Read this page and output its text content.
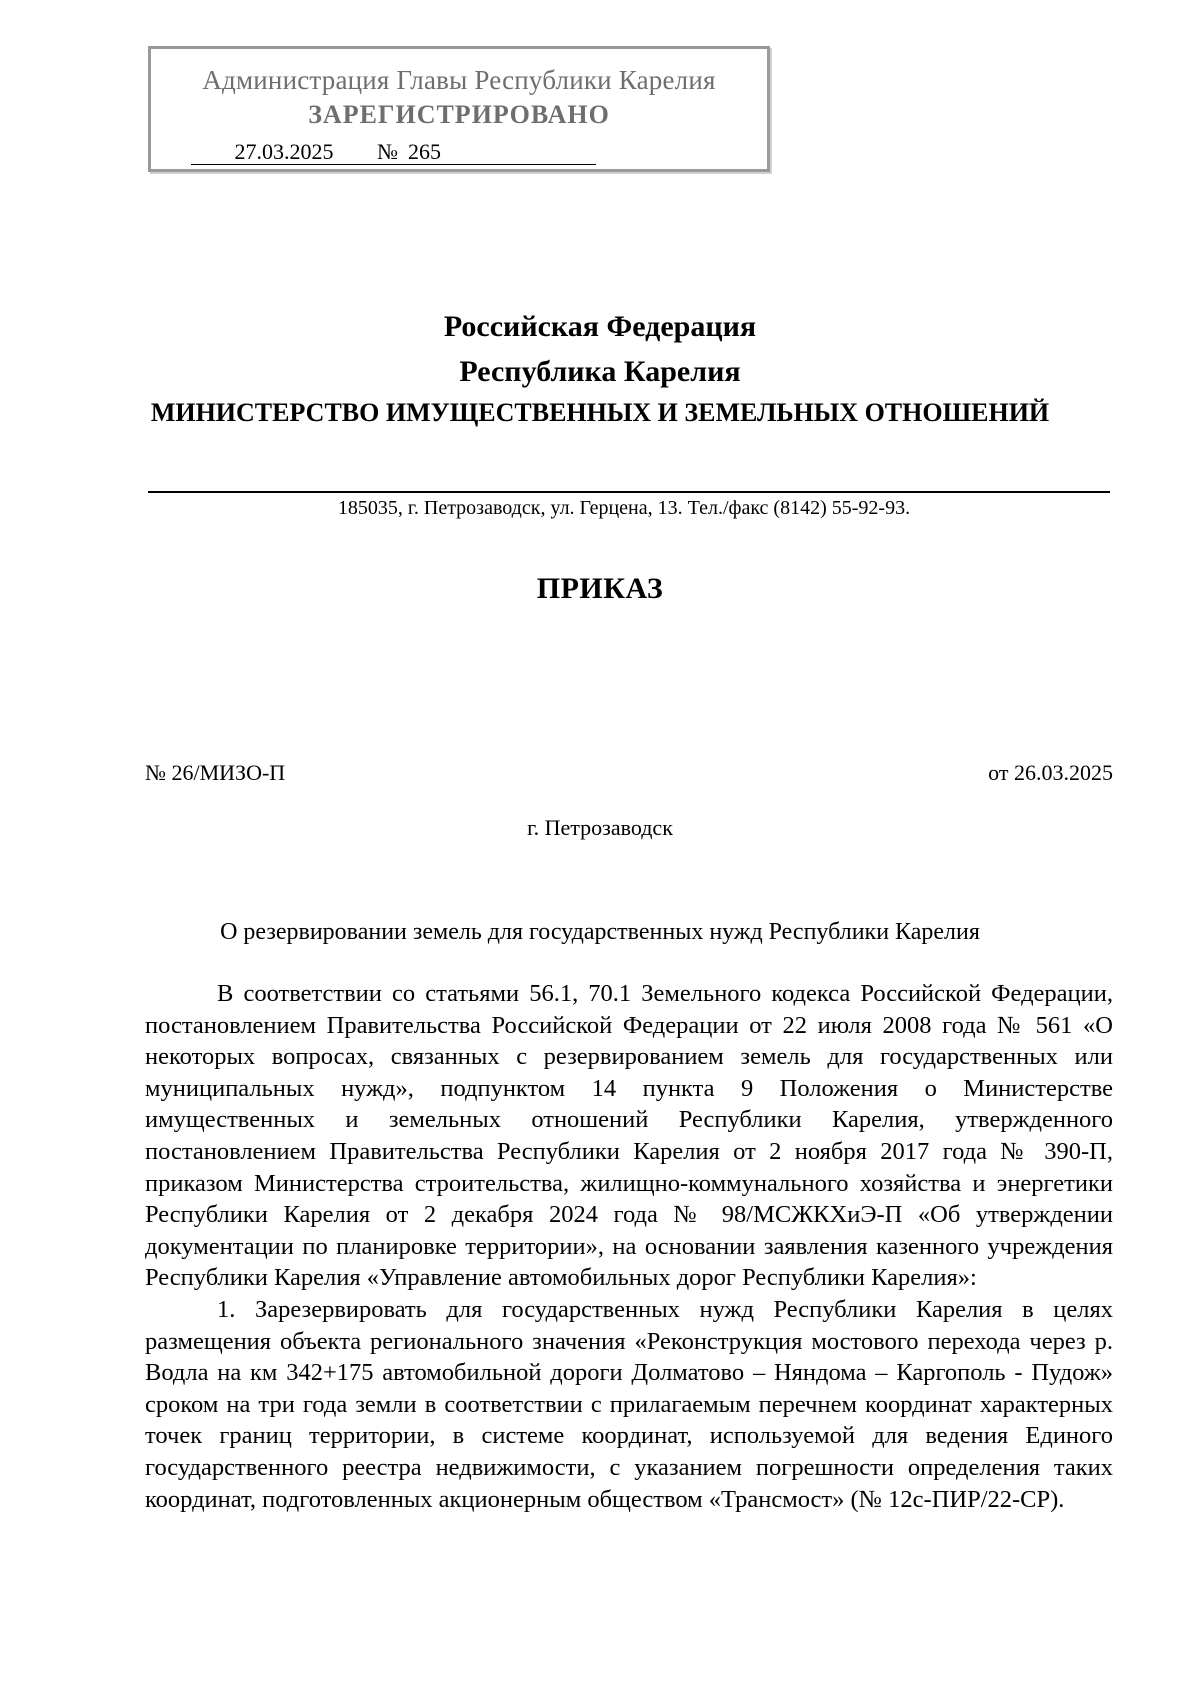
Администрация Главы Республики Карелия
ЗАРЕГИСТРИРОВАНО
27.03.2025 № 265
Российская Федерация
Республика Карелия
МИНИСТЕРСТВО ИМУЩЕСТВЕННЫХ И ЗЕМЕЛЬНЫХ ОТНОШЕНИЙ
185035, г. Петрозаводск, ул. Герцена, 13. Тел./факс (8142) 55-92-93.
ПРИКАЗ
№ 26/МИЗО-П	от 26.03.2025
г. Петрозаводск
О резервировании земель для государственных нужд Республики Карелия

В соответствии со статьями 56.1, 70.1 Земельного кодекса Российской Федерации, постановлением Правительства Российской Федерации от 22 июля 2008 года № 561 «О некоторых вопросах, связанных с резервированием земель для государственных или муниципальных нужд», подпунктом 14 пункта 9 Положения о Министерстве имущественных и земельных отношений Республики Карелия, утвержденного постановлением Правительства Республики Карелия от 2 ноября 2017 года № 390-П, приказом Министерства строительства, жилищно-коммунального хозяйства и энергетики Республики Карелия от 2 декабря 2024 года № 98/МСЖКХиЭ-П «Об утверждении документации по планировке территории», на основании заявления казенного учреждения Республики Карелия «Управление автомобильных дорог Республики Карелия»:

1. Зарезервировать для государственных нужд Республики Карелия в целях размещения объекта регионального значения «Реконструкция мостового перехода через р. Водла на км 342+175 автомобильной дороги Долматово – Няндома – Каргополь - Пудож» сроком на три года земли в соответствии с прилагаемым перечнем координат характерных точек границ территории, в системе координат, используемой для ведения Единого государственного реестра недвижимости, с указанием погрешности определения таких координат, подготовленных акционерным обществом «Трансмост» (№ 12с-ПИР/22-СР).
